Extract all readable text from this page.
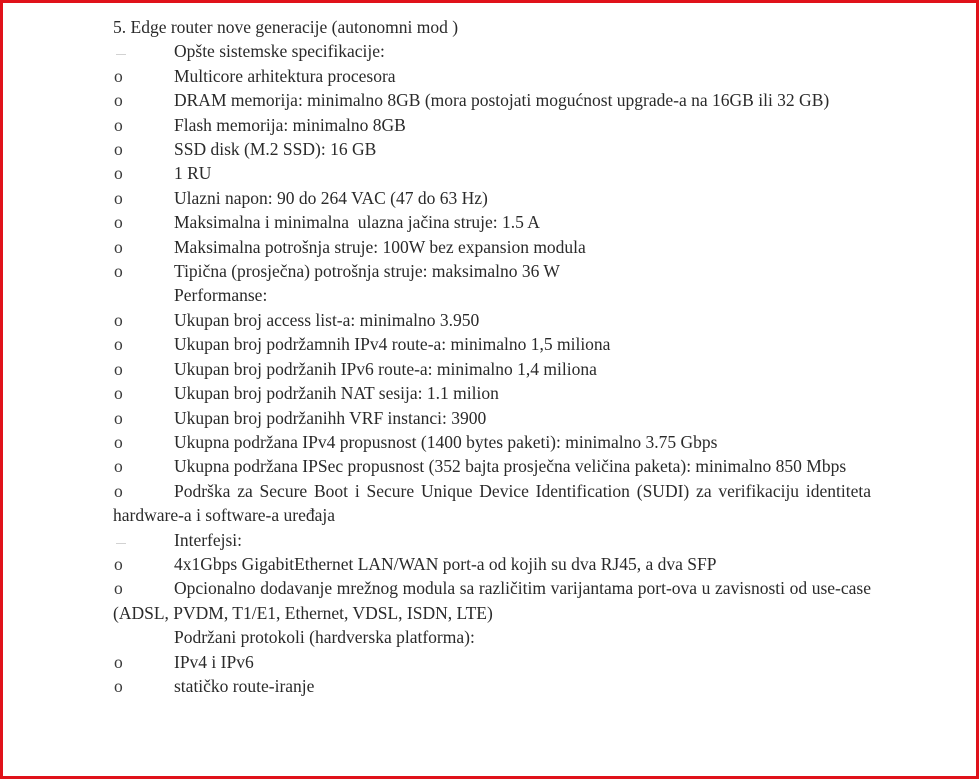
5. Edge router nove generacije (autonomni mod )
Opšte sistemske specifikacije:
o	Multicore arhitektura procesora
o	DRAM memorija: minimalno 8GB (mora postojati mogućnost upgrade-a na 16GB ili 32 GB)
o	Flash memorija: minimalno 8GB
o	SSD disk (M.2 SSD): 16 GB
o	1 RU
o	Ulazni napon: 90 do 264 VAC (47 do 63 Hz)
o	Maksimalna i minimalna  ulazna jačina struje: 1.5 A
o	Maksimalna potrošnja struje: 100W bez expansion modula
o	Tipična (prosječna) potrošnja struje: maksimalno 36 W
Performanse:
o	Ukupan broj access list-a: minimalno 3.950
o	Ukupan broj podržamnih IPv4 route-a: minimalno 1,5 miliona
o	Ukupan broj podržanih IPv6 route-a: minimalno 1,4 miliona
o	Ukupan broj podržanih NAT sesija: 1.1 milion
o	Ukupan broj podržanihh VRF instanci: 3900
o	Ukupna podržana IPv4 propusnost (1400 bytes paketi): minimalno 3.75 Gbps
o	Ukupna podržana IPSec propusnost (352 bajta prosječna veličina paketa): minimalno 850 Mbps
o	Podrška za Secure Boot i Secure Unique Device Identification (SUDI) za verifikaciju identiteta hardware-a i software-a uređaja
Interfejsi:
o	4x1Gbps GigabitEthernet LAN/WAN port-a od kojih su dva RJ45, a dva SFP
o	Opcionalno dodavanje mrežnog modula sa različitim varijantama port-ova u zavisnosti od use-case (ADSL, PVDM, T1/E1, Ethernet, VDSL, ISDN, LTE)
Podržani protokoli (hardverska platforma):
o	IPv4 i IPv6
o	statičko route-iranje
